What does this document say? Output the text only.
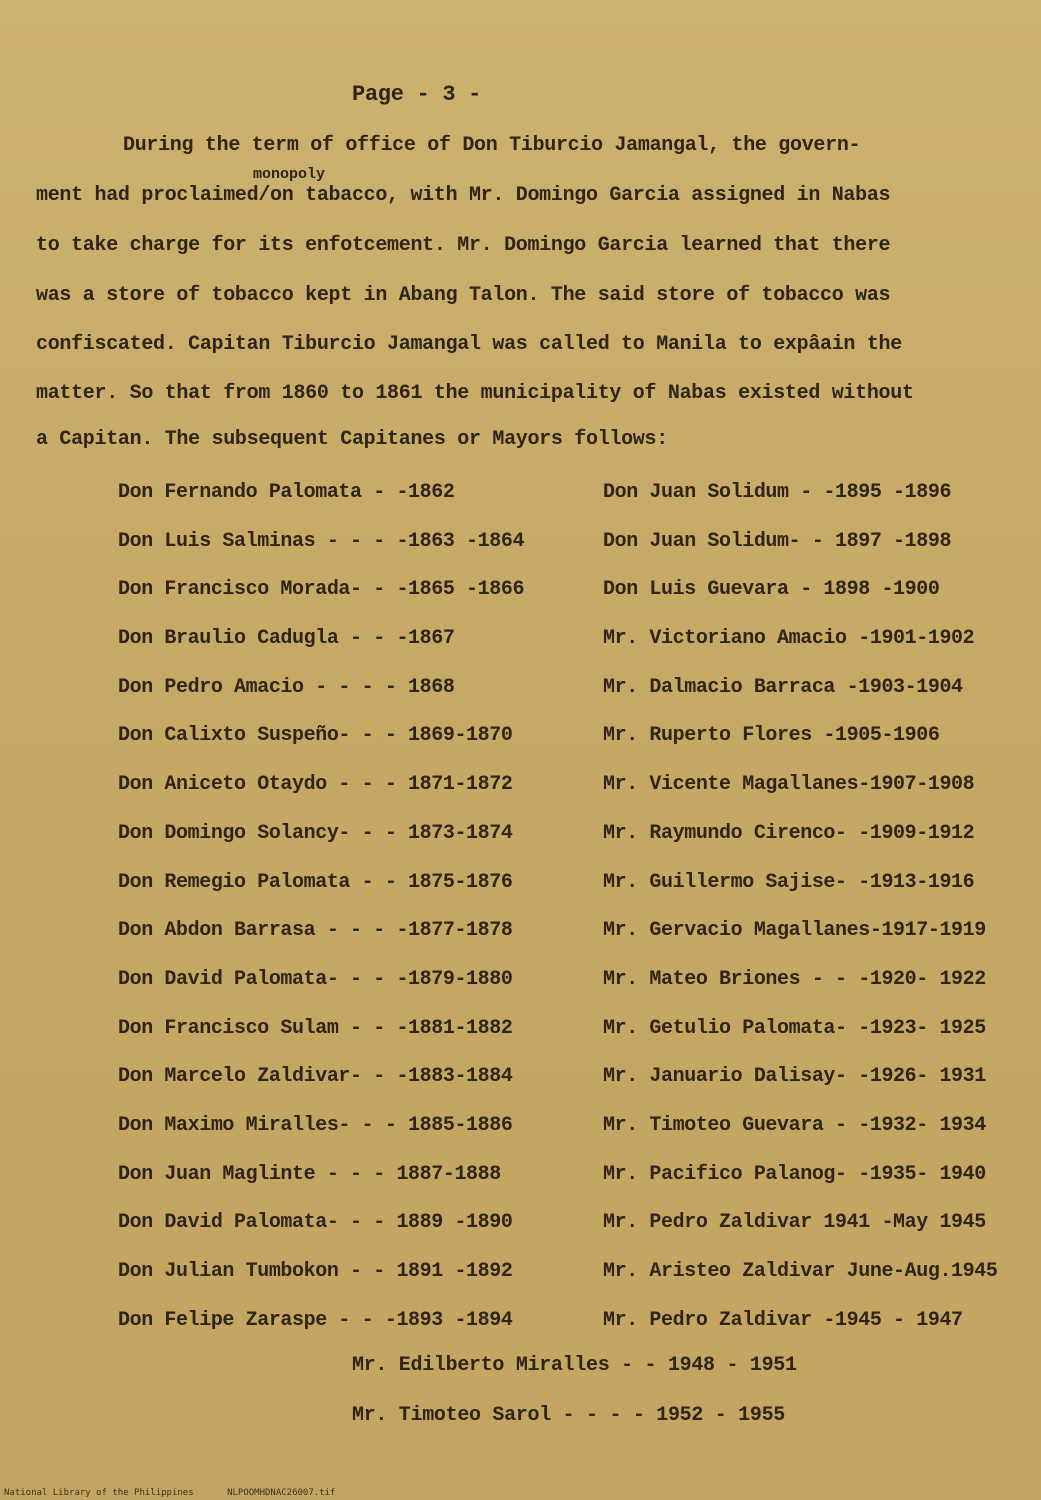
Page - 3 -
monopoly
During the term of office of Don Tiburcio Jamangal, the govern-
ment had proclaimed/on tabacco, with Mr. Domingo Garcia assigned in Nabas
to take charge for its enfotcement. Mr. Domingo Garcia learned that there
was a store of tobacco kept in Abang Talon. The said store of tobacco was
confiscated. Capitan Tiburcio Jamangal was called to Manila to expâain the
matter. So that from 1860 to 1861 the municipality of Nabas existed without
a Capitan. The subsequent Capitanes or Mayors follows:
Don Fernando Palomata - -1862
Don Luis Salminas - - - -1863 -1864
Don Francisco Morada- - -1865 -1866
Don Braulio Cadugla - - -1867
Don Pedro Amacio - - - - 1868
Don Calixto Suspeño- - - 1869-1870
Don Aniceto Otaydo - - - 1871-1872
Don Domingo Solancy- - - 1873-1874
Don Remegio Palomata - - 1875-1876
Don Abdon Barrasa - - - -1877-1878
Don David Palomata- - - -1879-1880
Don Francisco Sulam - - -1881-1882
Don Marcelo Zaldivar- - -1883-1884
Don Maximo Miralles- - - 1885-1886
Don Juan Maglinte - - - 1887-1888
Don David Palomata- - - 1889 -1890
Don Julian Tumbokon - - 1891 -1892
Don Felipe Zaraspe - - -1893 -1894
Don Juan Solidum - -1895 -1896
Don Juan Solidum- - 1897 -1898
Don Luis Guevara - 1898 -1900
Mr. Victoriano Amacio -1901-1902
Mr. Dalmacio Barraca -1903-1904
Mr. Ruperto Flores -1905-1906
Mr. Vicente Magallanes-1907-1908
Mr. Raymundo Cirenco- -1909-1912
Mr. Guillermo Sajise- -1913-1916
Mr. Gervacio Magallanes-1917-1919
Mr. Mateo Briones - - -1920- 1922
Mr. Getulio Palomata- -1923- 1925
Mr. Januario Dalisay- -1926- 1931
Mr. Timoteo Guevara - -1932- 1934
Mr. Pacifico Palanog- -1935- 1940
Mr. Pedro Zaldivar 1941 -May 1945
Mr. Aristeo Zaldivar June-Aug.1945
Mr. Pedro Zaldivar -1945 - 1947
Mr. Edilberto Miralles - - 1948 - 1951
Mr. Timoteo Sarol - - - - 1952 - 1955
National Library of the Philippines	NLPOOMHDNAC26007.tif
